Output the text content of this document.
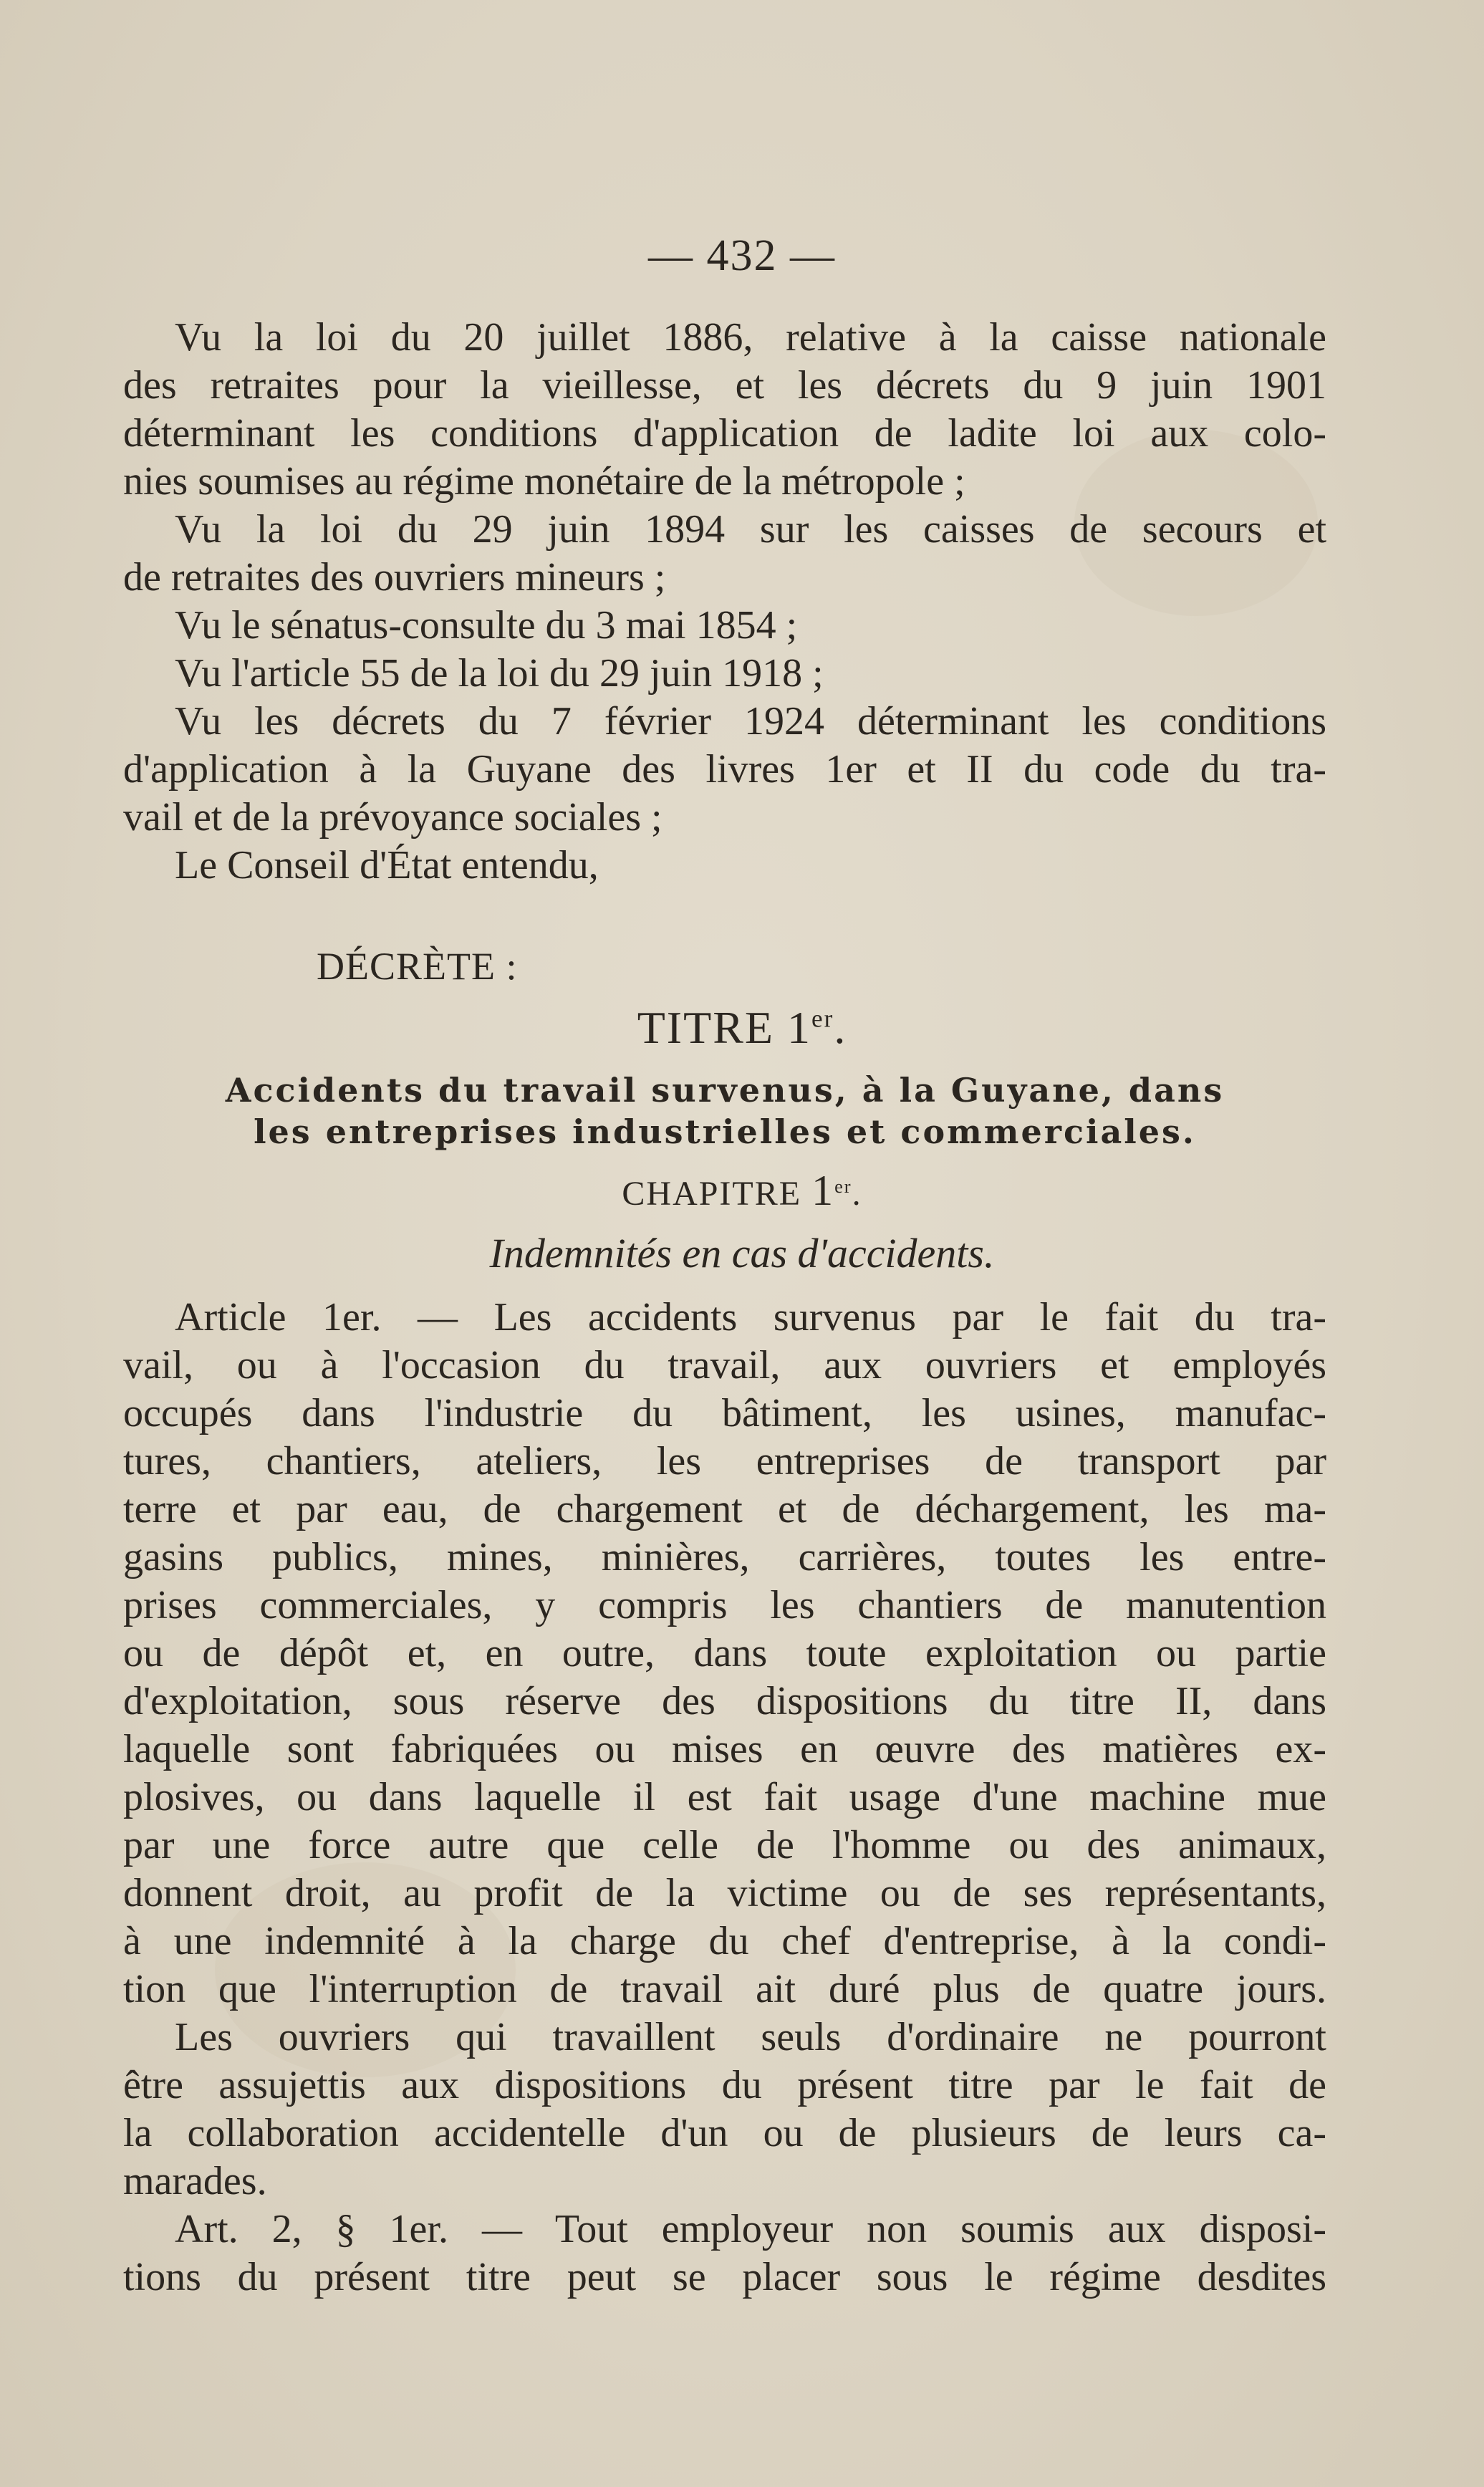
— 432 —
Vu la loi du 20 juillet 1886, relative à la caisse nationale
des retraites pour la vieillesse, et les décrets du 9 juin 1901
déterminant les conditions d'application de ladite loi aux colo-
nies soumises au régime monétaire de la métropole ;
Vu la loi du 29 juin 1894 sur les caisses de secours et
de retraites des ouvriers mineurs ;
Vu le sénatus-consulte du 3 mai 1854 ;
Vu l'article 55 de la loi du 29 juin 1918 ;
Vu les décrets du 7 février 1924 déterminant les conditions
d'application à la Guyane des livres 1er et II du code du tra-
vail et de la prévoyance sociales ;
Le Conseil d'État entendu,
DÉCRÈTE :
TITRE 1er.
Accidents du travail survenus, à la Guyane, dans
les entreprises industrielles et commerciales.
CHAPITRE 1er.
Indemnités en cas d'accidents.
Article 1er. — Les accidents survenus par le fait du tra-
vail, ou à l'occasion du travail, aux ouvriers et employés
occupés dans l'industrie du bâtiment, les usines, manufac-
tures, chantiers, ateliers, les entreprises de transport par
terre et par eau, de chargement et de déchargement, les ma-
gasins publics, mines, minières, carrières, toutes les entre-
prises commerciales, y compris les chantiers de manutention
ou de dépôt et, en outre, dans toute exploitation ou partie
d'exploitation, sous réserve des dispositions du titre II, dans
laquelle sont fabriquées ou mises en œuvre des matières ex-
plosives, ou dans laquelle il est fait usage d'une machine mue
par une force autre que celle de l'homme ou des animaux,
donnent droit, au profit de la victime ou de ses représentants,
à une indemnité à la charge du chef d'entreprise, à la condi-
tion que l'interruption de travail ait duré plus de quatre jours.
Les ouvriers qui travaillent seuls d'ordinaire ne pourront
être assujettis aux dispositions du présent titre par le fait de
la collaboration accidentelle d'un ou de plusieurs de leurs ca-
marades.
Art. 2, § 1er. — Tout employeur non soumis aux disposi-
tions du présent titre peut se placer sous le régime desdites
